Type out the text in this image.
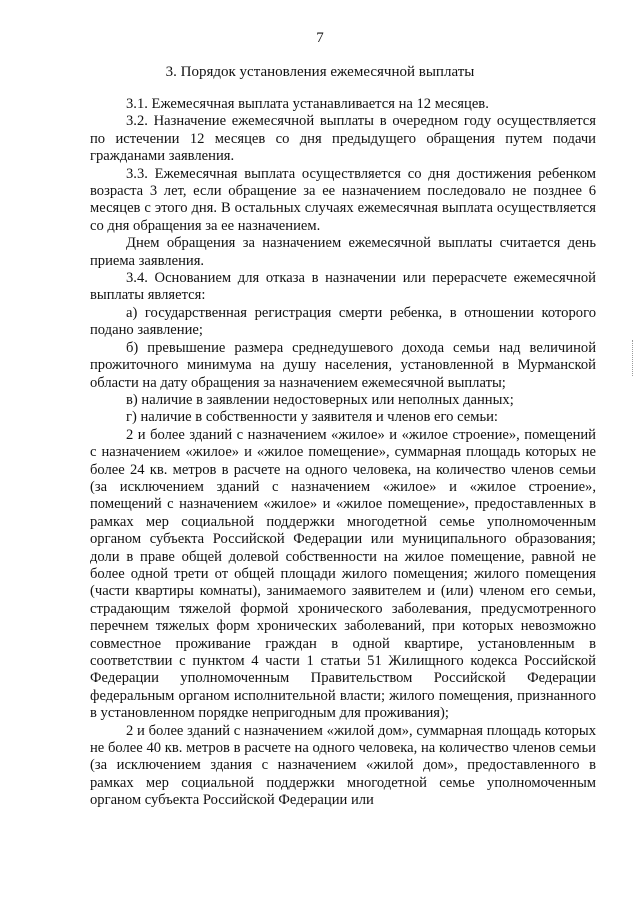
7
3. Порядок установления ежемесячной выплаты

3.1. Ежемесячная выплата устанавливается на 12 месяцев.

3.2. Назначение ежемесячной выплаты в очередном году осуществляется по истечении 12 месяцев со дня предыдущего обращения путем подачи гражданами заявления.

3.3. Ежемесячная выплата осуществляется со дня достижения ребенком возраста 3 лет, если обращение за ее назначением последовало не позднее 6 месяцев с этого дня. В остальных случаях ежемесячная выплата осуществляется со дня обращения за ее назначением.

Днем обращения за назначением ежемесячной выплаты считается день приема заявления.

3.4. Основанием для отказа в назначении или перерасчете ежемесячной выплаты является:

а) государственная регистрация смерти ребенка, в отношении которого подано заявление;

б) превышение размера среднедушевого дохода семьи над величиной прожиточного минимума на душу населения, установленной в Мурманской области на дату обращения за назначением ежемесячной выплаты;

в) наличие в заявлении недостоверных или неполных данных;

г) наличие в собственности у заявителя и членов его семьи:

2 и более зданий с назначением «жилое» и «жилое строение», помещений с назначением «жилое» и «жилое помещение», суммарная площадь которых не более 24 кв. метров в расчете на одного человека, на количество членов семьи (за исключением зданий с назначением «жилое» и «жилое строение», помещений с назначением «жилое» и «жилое помещение», предоставленных в рамках мер социальной поддержки многодетной семье уполномоченным органом субъекта Российской Федерации или муниципального образования; доли в праве общей долевой собственности на жилое помещение, равной не более одной трети от общей площади жилого помещения; жилого помещения (части квартиры комнаты), занимаемого заявителем и (или) членом его семьи, страдающим тяжелой формой хронического заболевания, предусмотренного перечнем тяжелых форм хронических заболеваний, при которых невозможно совместное проживание граждан в одной квартире, установленным в соответствии с пунктом 4 части 1 статьи 51 Жилищного кодекса Российской Федерации уполномоченным Правительством Российской Федерации федеральным органом исполнительной власти; жилого помещения, признанного в установленном порядке непригодным для проживания);

2 и более зданий с назначением «жилой дом», суммарная площадь которых не более 40 кв. метров в расчете на одного человека, на количество членов семьи (за исключением здания с назначением «жилой дом», предоставленного в рамках мер социальной поддержки многодетной семье уполномоченным органом субъекта Российской Федерации или
